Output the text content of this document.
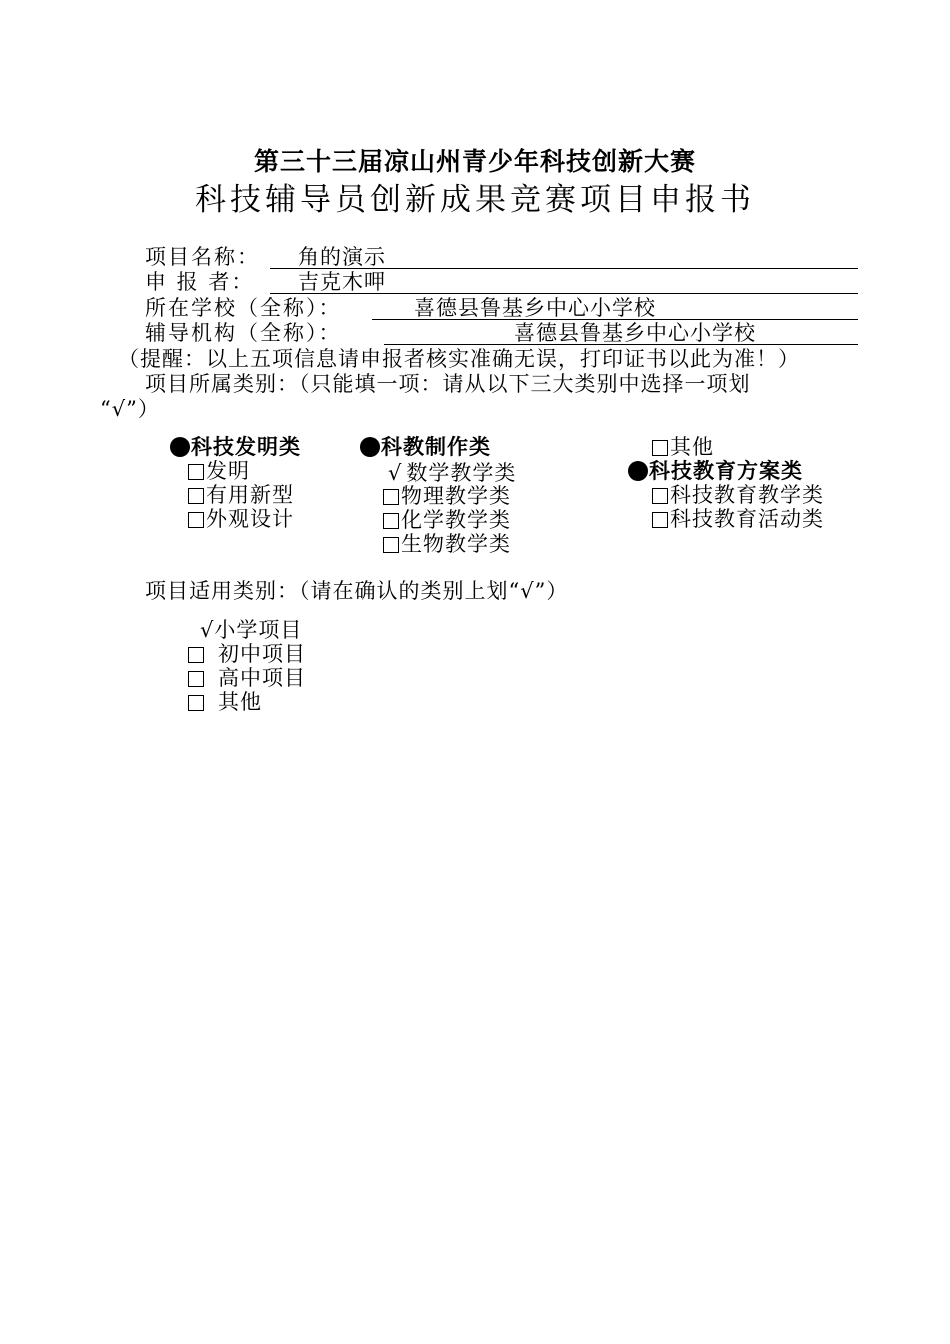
第三十三届凉山州青少年科技创新大赛
科技辅导员创新成果竞赛项目申报书
项目名称： 角的演示
申 报 者： 吉克木呷
所在学校（全称）：	喜德县鲁基乡中心小学校
辅导机构（全称）：	喜德县鲁基乡中心小学校
（提醒：以上五项信息请申报者核实准确无误，打印证书以此为准！）
项目所属类别：（只能填一项：请从以下三大类别中选择一项划
“√”）
科技发明类
发明
有用新型
外观设计
科教制作类
√ 数学教学类
物理教学类
化学教学类
生物教学类
其他
科技教育方案类
科技教育教学类
科技教育活动类
项目适用类别：（请在确认的类别上划“√”）
√小学项目
初中项目
高中项目
其他
